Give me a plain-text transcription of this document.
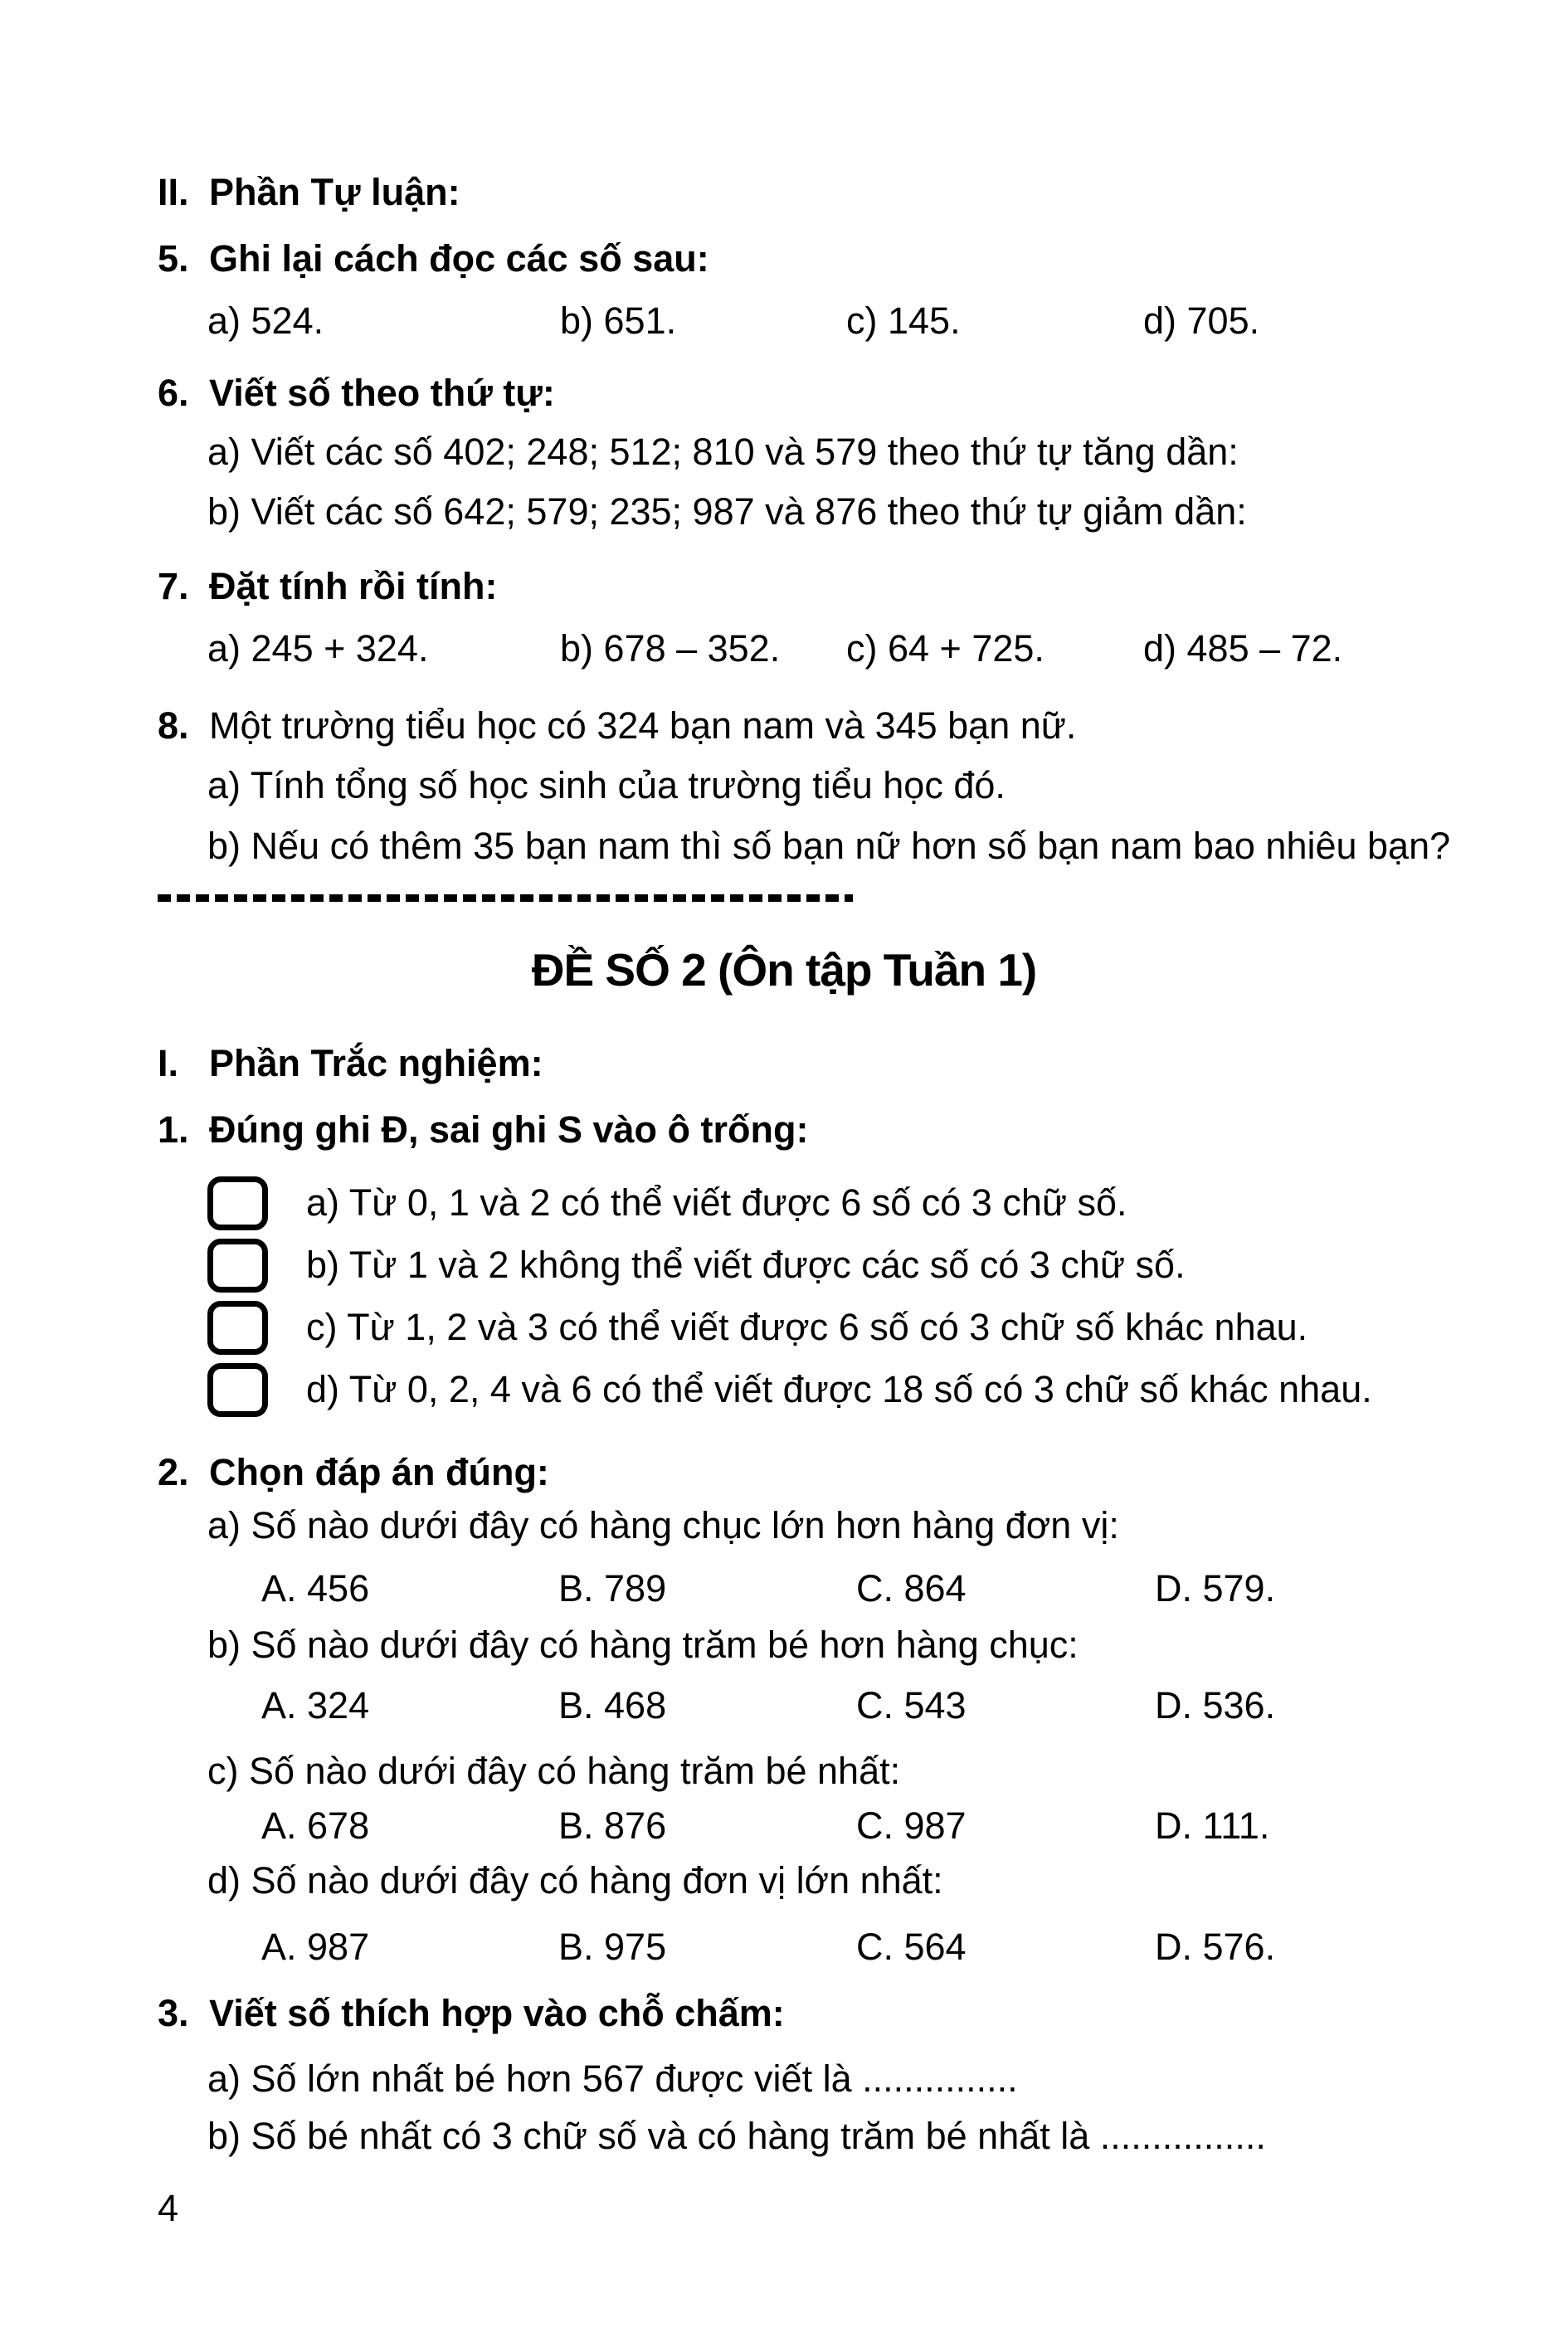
II. Phần Tự luận:
5. Ghi lại cách đọc các số sau:
a) 524.	b) 651.	c) 145.	d) 705.
6. Viết số theo thứ tự:
a) Viết các số 402; 248; 512; 810 và 579 theo thứ tự tăng dần:
b) Viết các số 642; 579; 235; 987 và 876 theo thứ tự giảm dần:
7. Đặt tính rồi tính:
a) 245 + 324.	b) 678 – 352. c) 64 + 725.	d) 485 – 72.
8. Một trường tiểu học có 324 bạn nam và 345 bạn nữ.
a) Tính tổng số học sinh của trường tiểu học đó.
b) Nếu có thêm 35 bạn nam thì số bạn nữ hơn số bạn nam bao nhiêu bạn?
ĐỀ SỐ 2 (Ôn tập Tuần 1)
I. Phần Trắc nghiệm:
1. Đúng ghi Đ, sai ghi S vào ô trống:
a) Từ 0, 1 và 2 có thể viết được 6 số có 3 chữ số.
b) Từ 1 và 2 không thể viết được các số có 3 chữ số.
c) Từ 1, 2 và 3 có thể viết được 6 số có 3 chữ số khác nhau.
d) Từ 0, 2, 4 và 6 có thể viết được 18 số có 3 chữ số khác nhau.
2. Chọn đáp án đúng:
a) Số nào dưới đây có hàng chục lớn hơn hàng đơn vị:
A. 456	B. 789	C. 864	D. 579.
b) Số nào dưới đây có hàng trăm bé hơn hàng chục:
A. 324	B. 468	C. 543	D. 536.
c) Số nào dưới đây có hàng trăm bé nhất:
A. 678	B. 876	C. 987	D. 111.
d) Số nào dưới đây có hàng đơn vị lớn nhất:
A. 987	B. 975	C. 564	D. 576.
3. Viết số thích hợp vào chỗ chấm:
a) Số lớn nhất bé hơn 567 được viết là ...............
b) Số bé nhất có 3 chữ số và có hàng trăm bé nhất là ................
4
